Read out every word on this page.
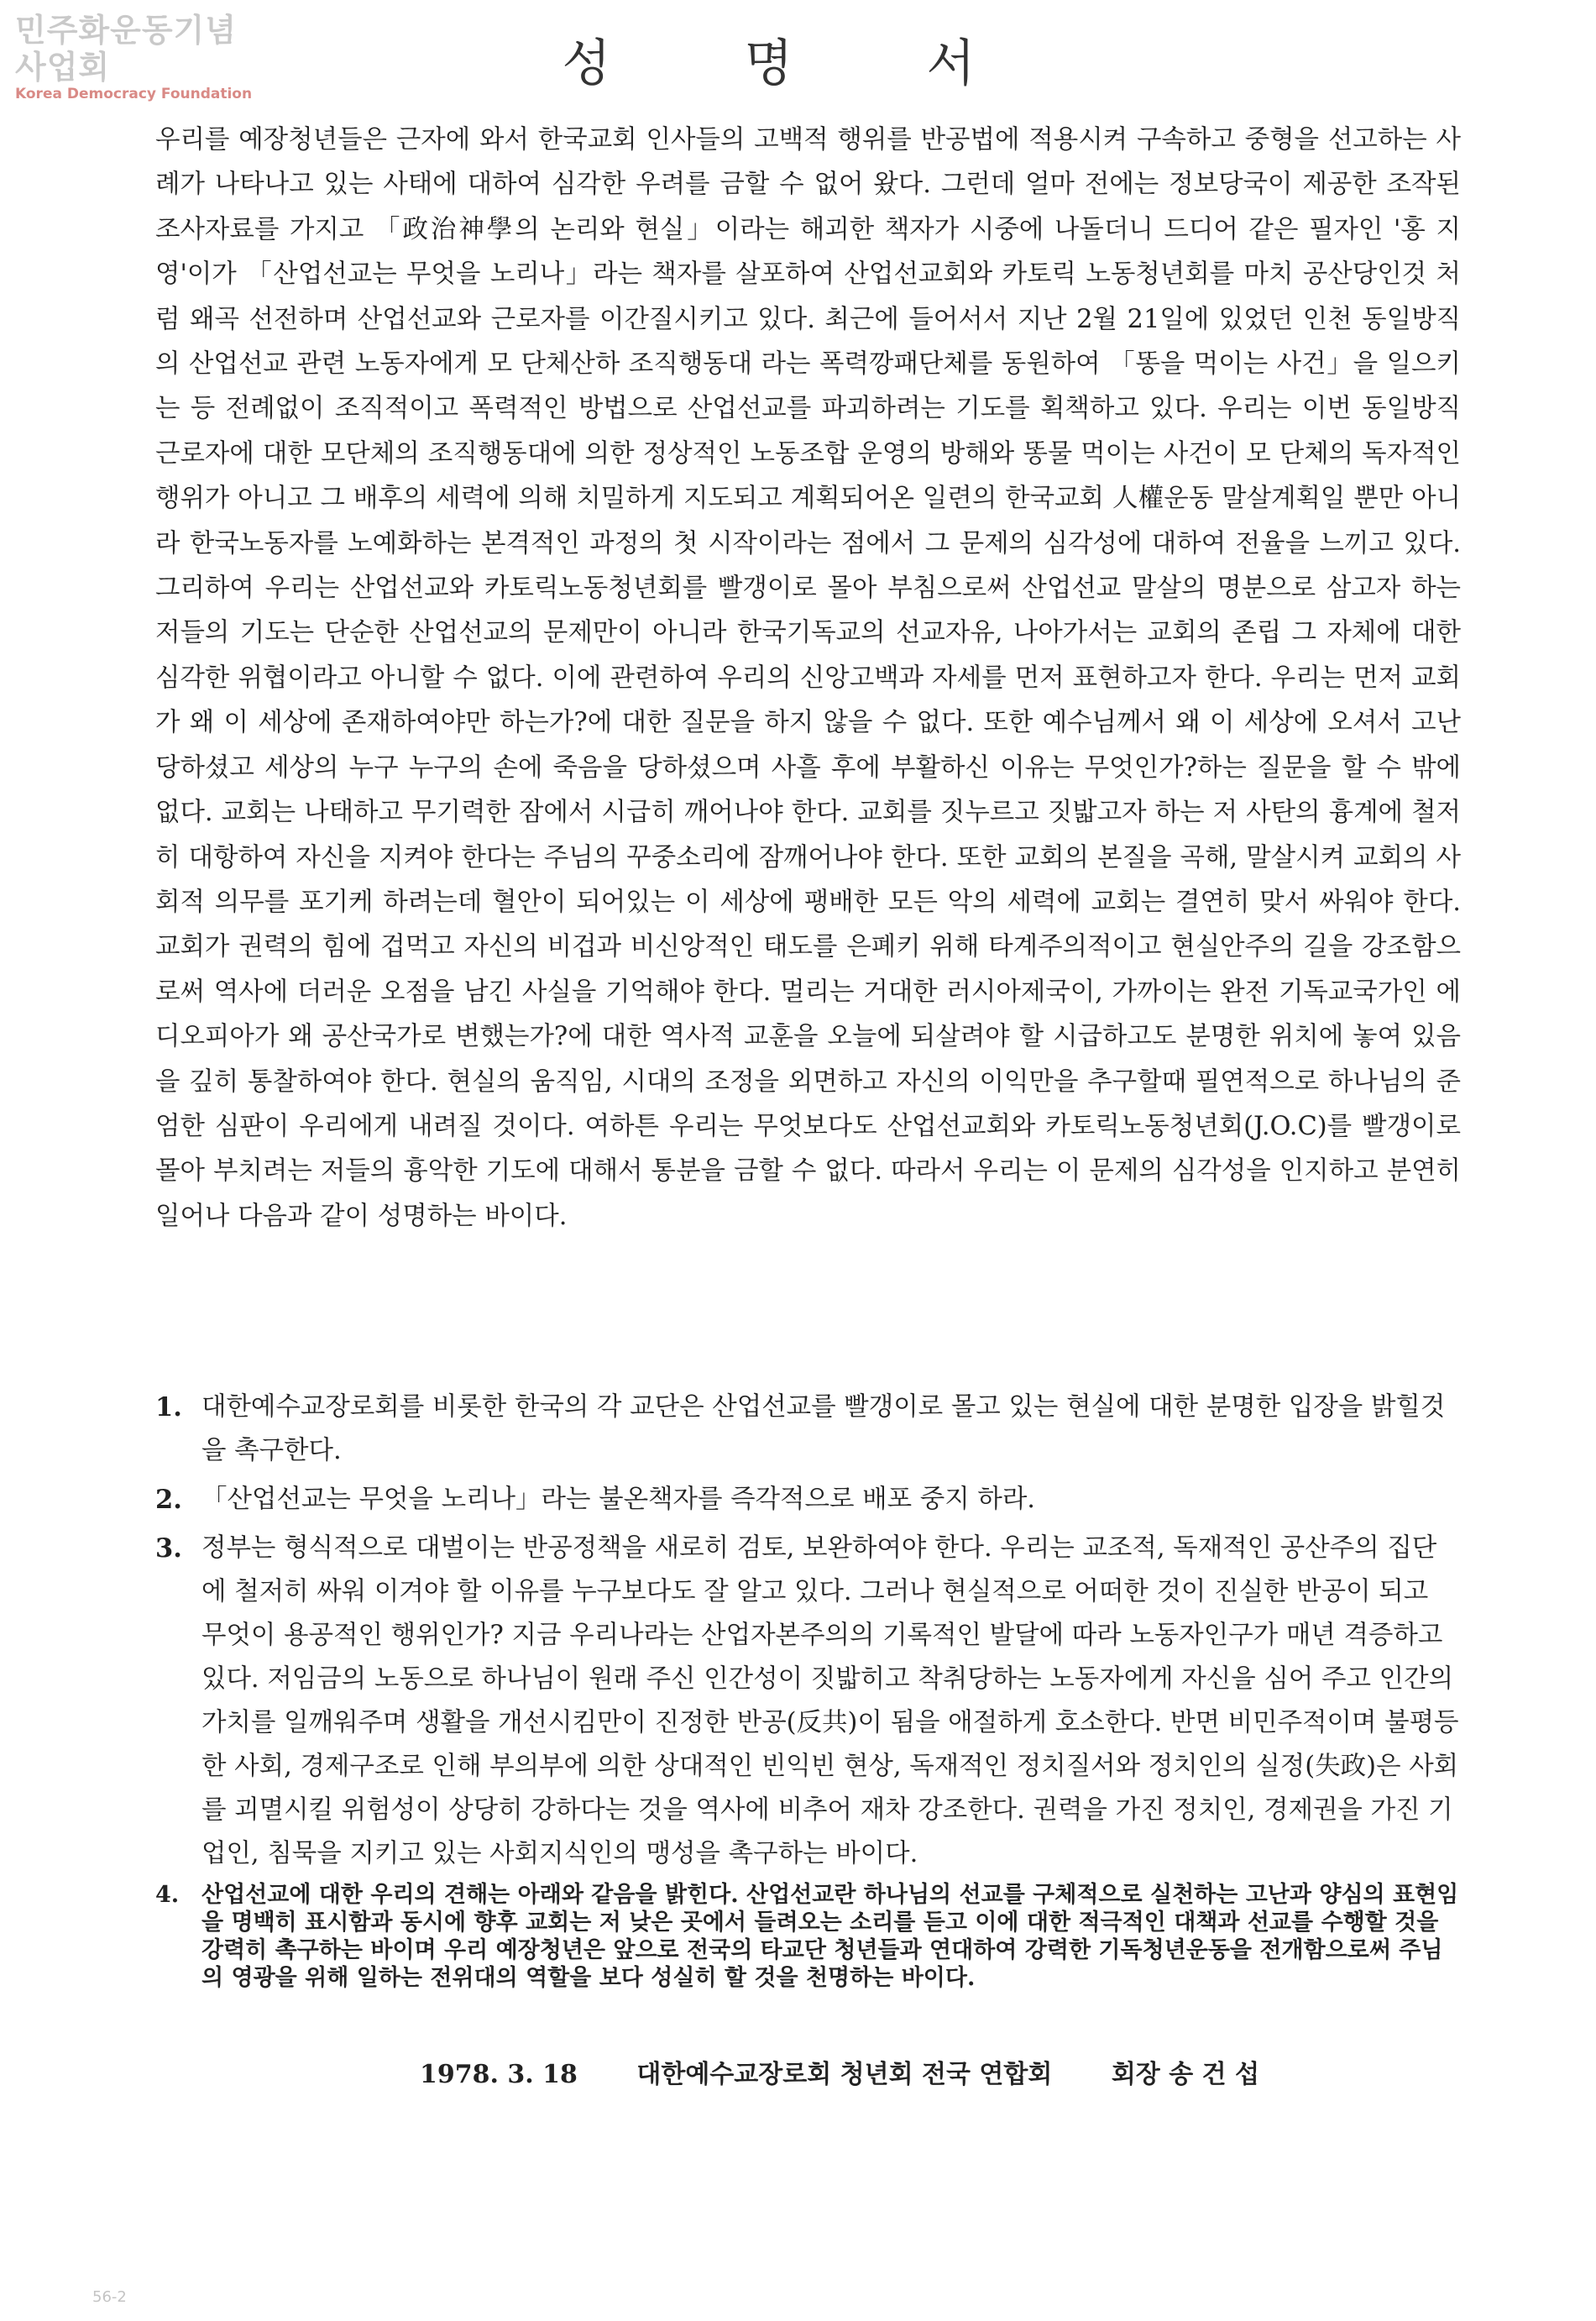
민주화운동기념사업회
Korea Democracy Foundation
성 명 서
우리를 예장청년들은 근자에 와서 한국교회 인사들의 고백적 행위를 반공법에 적용시켜 구속하고 중형을 선고하는 사례가 나타나고 있는 사태에 대하여 심각한 우려를 금할 수 없어 왔다. 그런데 얼마 전에는 정보당국이 제공한 조작된 조사자료를 가지고 「政治神學의 논리와 현실」이라는 해괴한 책자가 시중에 나돌더니 드디어 같은 필자인 '홍 지영'이가 「산업선교는 무엇을 노리나」라는 책자를 살포하여 산업선교회와 카토릭 노동청년회를 마치 공산당인것 처럼 왜곡 선전하며 산업선교와 근로자를 이간질시키고 있다. 최근에 들어서서 지난 2월 21일에 있었던 인천 동일방직의 산업선교 관련 노동자에게 모 단체산하 조직행동대 라는 폭력깡패단체를 동원하여 「똥을 먹이는 사건」을 일으키는 등 전례없이 조직적이고 폭력적인 방법으로 산업선교를 파괴하려는 기도를 획책하고 있다. 우리는 이번 동일방직 근로자에 대한 모단체의 조직행동대에 의한 정상적인 노동조합 운영의 방해와 똥물 먹이는 사건이 모 단체의 독자적인 행위가 아니고 그 배후의 세력에 의해 치밀하게 지도되고 계획되어온 일련의 한국교회 人權운동 말살계획일 뿐만 아니라 한국노동자를 노예화하는 본격적인 과정의 첫 시작이라는 점에서 그 문제의 심각성에 대하여 전율을 느끼고 있다. 그리하여 우리는 산업선교와 카토릭노동청년회를 빨갱이로 몰아 부침으로써 산업선교 말살의 명분으로 삼고자 하는 저들의 기도는 단순한 산업선교의 문제만이 아니라 한국기독교의 선교자유, 나아가서는 교회의 존립 그 자체에 대한 심각한 위협이라고 아니할 수 없다. 이에 관련하여 우리의 신앙고백과 자세를 먼저 표현하고자 한다. 우리는 먼저 교회가 왜 이 세상에 존재하여야만 하는가?에 대한 질문을 하지 않을 수 없다. 또한 예수님께서 왜 이 세상에 오셔서 고난당하셨고 세상의 누구 누구의 손에 죽음을 당하셨으며 사흘 후에 부활하신 이유는 무엇인가?하는 질문을 할 수 밖에 없다. 교회는 나태하고 무기력한 잠에서 시급히 깨어나야 한다. 교회를 짓누르고 짓밟고자 하는 저 사탄의 흉계에 철저히 대항하여 자신을 지켜야 한다는 주님의 꾸중소리에 잠깨어나야 한다. 또한 교회의 본질을 곡해, 말살시켜 교회의 사회적 의무를 포기케 하려는데 혈안이 되어있는 이 세상에 팽배한 모든 악의 세력에 교회는 결연히 맞서 싸워야 한다. 교회가 권력의 힘에 겁먹고 자신의 비겁과 비신앙적인 태도를 은폐키 위해 타계주의적이고 현실안주의 길을 강조함으로써 역사에 더러운 오점을 남긴 사실을 기억해야 한다. 멀리는 거대한 러시아제국이, 가까이는 완전 기독교국가인 에디오피아가 왜 공산국가로 변했는가?에 대한 역사적 교훈을 오늘에 되살려야 할 시급하고도 분명한 위치에 놓여 있음을 깊히 통찰하여야 한다. 현실의 움직임, 시대의 조정을 외면하고 자신의 이익만을 추구할때 필연적으로 하나님의 준엄한 심판이 우리에게 내려질 것이다. 여하튼 우리는 무엇보다도 산업선교회와 카토릭노동청년회(J.O.C)를 빨갱이로 몰아 부치려는 저들의 흉악한 기도에 대해서 통분을 금할 수 없다. 따라서 우리는 이 문제의 심각성을 인지하고 분연히 일어나 다음과 같이 성명하는 바이다.
1. 대한예수교장로회를 비롯한 한국의 각 교단은 산업선교를 빨갱이로 몰고 있는 현실에 대한 분명한 입장을 밝힐것을 촉구한다.
2. 「산업선교는 무엇을 노리나」라는 불온책자를 즉각적으로 배포 중지 하라.
3. 정부는 형식적으로 대벌이는 반공정책을 새로히 검토, 보완하여야 한다. 우리는 교조적, 독재적인 공산주의 집단에 철저히 싸워 이겨야 할 이유를 누구보다도 잘 알고 있다. 그러나 현실적으로 어떠한 것이 진실한 반공이 되고 무엇이 용공적인 행위인가? 지금 우리나라는 산업자본주의의 기록적인 발달에 따라 노동자인구가 매년 격증하고 있다. 저임금의 노동으로 하나님이 원래 주신 인간성이 짓밟히고 착취당하는 노동자에게 자신을 심어 주고 인간의 가치를 일깨워주며 생활을 개선시킴만이 진정한 반공(反共)이 됨을 애절하게 호소한다. 반면 비민주적이며 불평등한 사회, 경제구조로 인해 부의부에 의한 상대적인 빈익빈 현상, 독재적인 정치질서와 정치인의 실정(失政)은 사회를 괴멸시킬 위험성이 상당히 강하다는 것을 역사에 비추어 재차 강조한다. 권력을 가진 정치인, 경제권을 가진 기업인, 침묵을 지키고 있는 사회지식인의 맹성을 촉구하는 바이다.
4. 산업선교에 대한 우리의 견해는 아래와 같음을 밝힌다. 산업선교란 하나님의 선교를 구체적으로 실천하는 고난과 양심의 표현임을 명백히 표시함과 동시에 향후 교회는 저 낮은 곳에서 들려오는 소리를 듣고 이에 대한 적극적인 대책과 선교를 수행할 것을 강력히 촉구하는 바이며 우리 예장청년은 앞으로 전국의 타교단 청년들과 연대하여 강력한 기독청년운동을 전개함으로써 주님의 영광을 위해 일하는 전위대의 역할을 보다 성실히 할 것을 천명하는 바이다.
1978. 3. 18 대한예수교장로회 청년회 전국 연합회 회장 송 건 섭
56-2
